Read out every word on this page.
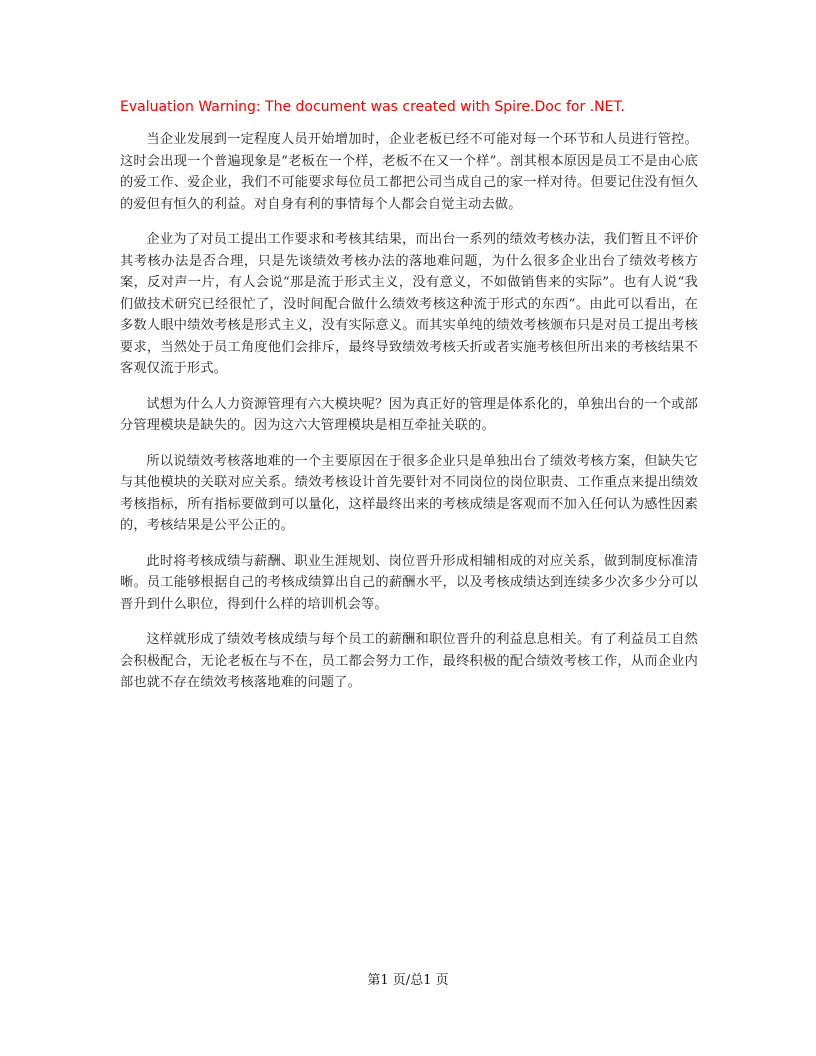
Evaluation Warning: The document was created with Spire.Doc for .NET.

当企业发展到一定程度人员开始增加时，企业老板已经不可能对每一个环节和人员进行管控。这时会出现一个普遍现象是“老板在一个样，老板不在又一个样”。剖其根本原因是员工不是由心底的爱工作、爱企业，我们不可能要求每位员工都把公司当成自己的家一样对待。但要记住没有恒久的爱但有恒久的利益。对自身有利的事情每个人都会自觉主动去做。

企业为了对员工提出工作要求和考核其结果，而出台一系列的绩效考核办法，我们暂且不评价其考核办法是否合理，只是先谈绩效考核办法的落地难问题，为什么很多企业出台了绩效考核方案，反对声一片，有人会说“那是流于形式主义，没有意义，不如做销售来的实际”。也有人说“我们做技术研究已经很忙了，没时间配合做什么绩效考核这种流于形式的东西”。由此可以看出，在多数人眼中绩效考核是形式主义，没有实际意义。而其实单纯的绩效考核颁布只是对员工提出考核要求，当然处于员工角度他们会排斥，最终导致绩效考核夭折或者实施考核但所出来的考核结果不客观仅流于形式。

试想为什么人力资源管理有六大模块呢？因为真正好的管理是体系化的，单独出台的一个或部分管理模块是缺失的。因为这六大管理模块是相互牵扯关联的。

所以说绩效考核落地难的一个主要原因在于很多企业只是单独出台了绩效考核方案，但缺失它与其他模块的关联对应关系。绩效考核设计首先要针对不同岗位的岗位职责、工作重点来提出绩效考核指标，所有指标要做到可以量化，这样最终出来的考核成绩是客观而不加入任何认为感性因素的，考核结果是公平公正的。

此时将考核成绩与薪酬、职业生涯规划、岗位晋升形成相辅相成的对应关系，做到制度标准清晰。员工能够根据自己的考核成绩算出自己的薪酬水平，以及考核成绩达到连续多少次多少分可以晋升到什么职位，得到什么样的培训机会等。

这样就形成了绩效考核成绩与每个员工的薪酬和职位晋升的利益息息相关。有了利益员工自然会积极配合，无论老板在与不在，员工都会努力工作，最终积极的配合绩效考核工作，从而企业内部也就不存在绩效考核落地难的问题了。

第1 页/总1 页
